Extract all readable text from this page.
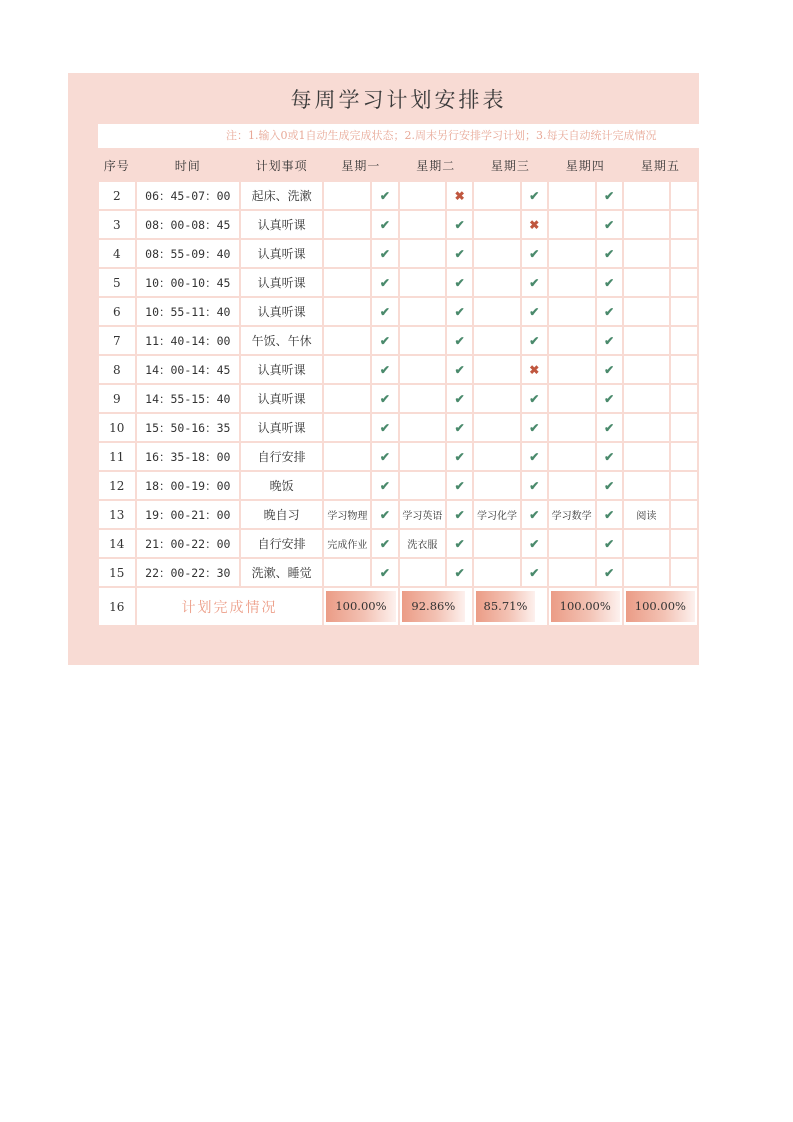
每周学习计划安排表
注：1.输入0或1自动生成完成状态；2.周末另行安排学习计划；3.每天自动统计完成情况
序号	时间	计划事项	星期一		星期二		星期三		星期四		星期五	
2	06：45-07：00	起床、洗漱		✔		✖		✔		✔		
3	08：00-08：45	认真听课		✔		✔		✖		✔		
4	08：55-09：40	认真听课		✔		✔		✔		✔		
5	10：00-10：45	认真听课		✔		✔		✔		✔		
6	10：55-11：40	认真听课		✔		✔		✔		✔		
7	11：40-14：00	午饭、午休		✔		✔		✔		✔		
8	14：00-14：45	认真听课		✔		✔		✖		✔		
9	14：55-15：40	认真听课		✔		✔		✔		✔		
10	15：50-16：35	认真听课		✔		✔		✔		✔		
11	16：35-18：00	自行安排		✔		✔		✔		✔		
12	18：00-19：00	晚饭		✔		✔		✔		✔		
13	19：00-21：00	晚自习	学习物理	✔	学习英语	✔	学习化学	✔	学习数学	✔	阅读	
14	21：00-22：00	自行安排	完成作业	✔	洗衣服	✔		✔		✔		
15	22：00-22：30	洗漱、睡觉		✔		✔		✔		✔		
16	计划完成情况		100.00%		92.86%		85.71%		100.00%		100.00%	
